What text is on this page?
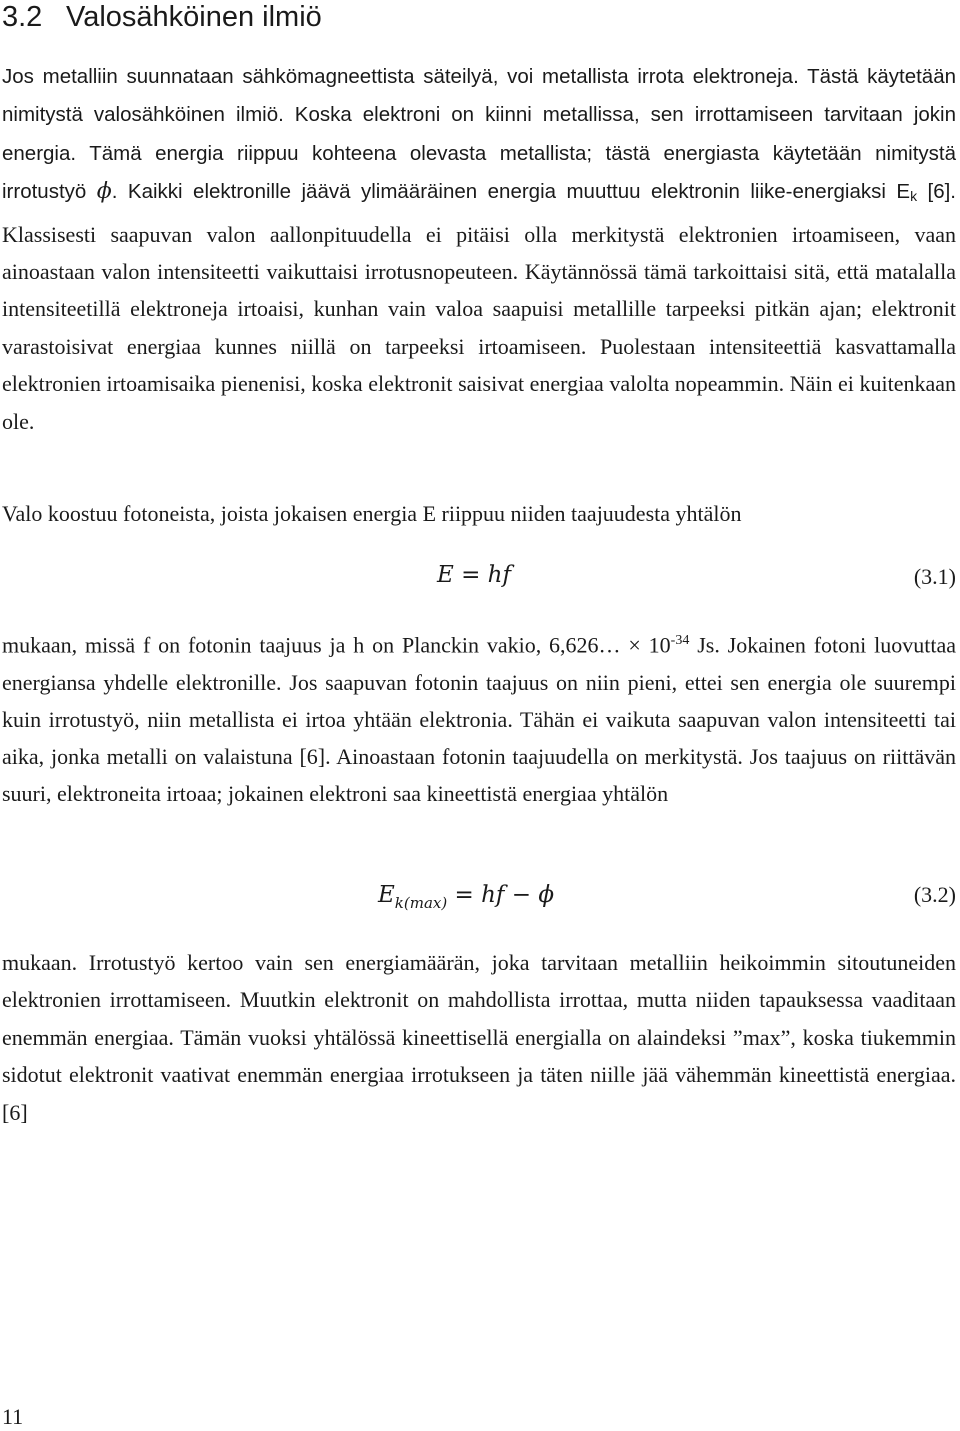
3.2 Valosähköinen ilmiö

Jos metalliin suunnataan sähkömagneettista säteilyä, voi metallista irrota elektroneja. Tästä käytetään nimitystä valosähköinen ilmiö. Koska elektroni on kiinni metallissa, sen irrottamiseen tarvitaan jokin energia. Tämä energia riippuu kohteena olevasta metallista; tästä energiasta käytetään nimitystä irrotustyö ϕ. Kaikki elektronille jäävä ylimääräinen energia muuttuu elektronin liike-energiaksi Ek [6]. Klassisesti saapuvan valon aallonpituudella ei pitäisi olla merkitystä elektronien irtoamiseen, vaan ainoastaan valon intensiteetti vaikuttaisi irrotusnopeuteen. Käytännössä tämä tarkoittaisi sitä, että matalalla intensiteetillä elektroneja irtoaisi, kunhan vain valoa saapuisi metallille tarpeeksi pitkän ajan; elektronit varastoisivat energiaa kunnes niillä on tarpeeksi irtoamiseen. Puolestaan intensiteettiä kasvattamalla elektronien irtoamisaika pienenisi, koska elektronit saisivat energiaa valolta nopeammin. Näin ei kuitenkaan ole.

Valo koostuu fotoneista, joista jokaisen energia E riippuu niiden taajuudesta yhtälön

E = hf	(3.1)

mukaan, missä f on fotonin taajuus ja h on Planckin vakio, 6,626… × $10^{-34}$ Js. Jokainen fotoni luovuttaa energiansa yhdelle elektronille. Jos saapuvan fotonin taajuus on niin pieni, ettei sen energia ole suurempi kuin irrotustyö, niin metallista ei irtoa yhtään elektronia. Tähän ei vaikuta saapuvan valon intensiteetti tai aika, jonka metalli on valaistuna [6]. Ainoastaan fotonin taajuudella on merkitystä. Jos taajuus on riittävän suuri, elektroneita irtoaa; jokainen elektroni saa kineettistä energiaa yhtälön

$E_{k(max)}$ = hf − ϕ	(3.2)

mukaan. Irrotustyö kertoo vain sen energiamäärän, joka tarvitaan metalliin heikoimmin sitoutuneiden elektronien irrottamiseen. Muutkin elektronit on mahdollista irrottaa, mutta niiden tapauksessa vaaditaan enemmän energiaa. Tämän vuoksi yhtälössä kineettisellä energialla on alaindeksi ”max”, koska tiukemmin sidotut elektronit vaativat enemmän energiaa irrotukseen ja täten niille jää vähemmän kineettistä energiaa. [6]

11
